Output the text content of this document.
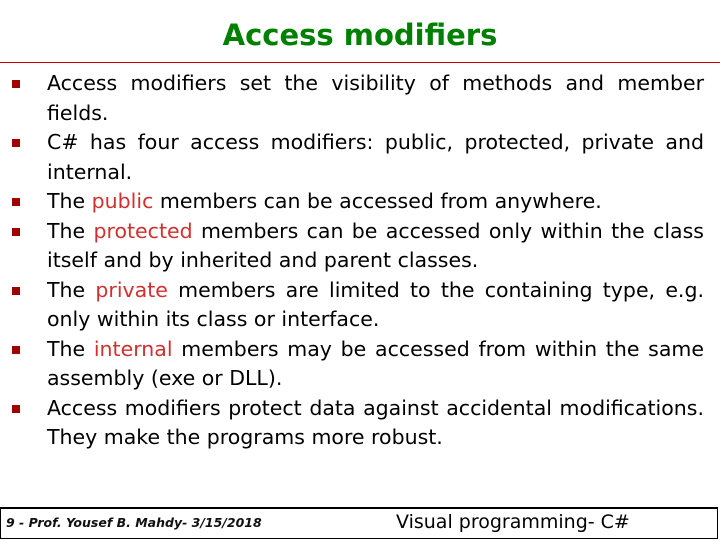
Access modifiers
Access modifiers set the visibility of methods and member fields.
C# has four access modifiers: public, protected, private and internal.
The public members can be accessed from anywhere.
The protected members can be accessed only within the class itself and by inherited and parent classes.
The private members are limited to the containing type, e.g. only within its class or interface.
The internal members may be accessed from within the same assembly (exe or DLL).
Access modifiers protect data against accidental modifications. They make the programs more robust.
9 - Prof. Yousef B. Mahdy- 3/15/2018	Visual programming- C#
